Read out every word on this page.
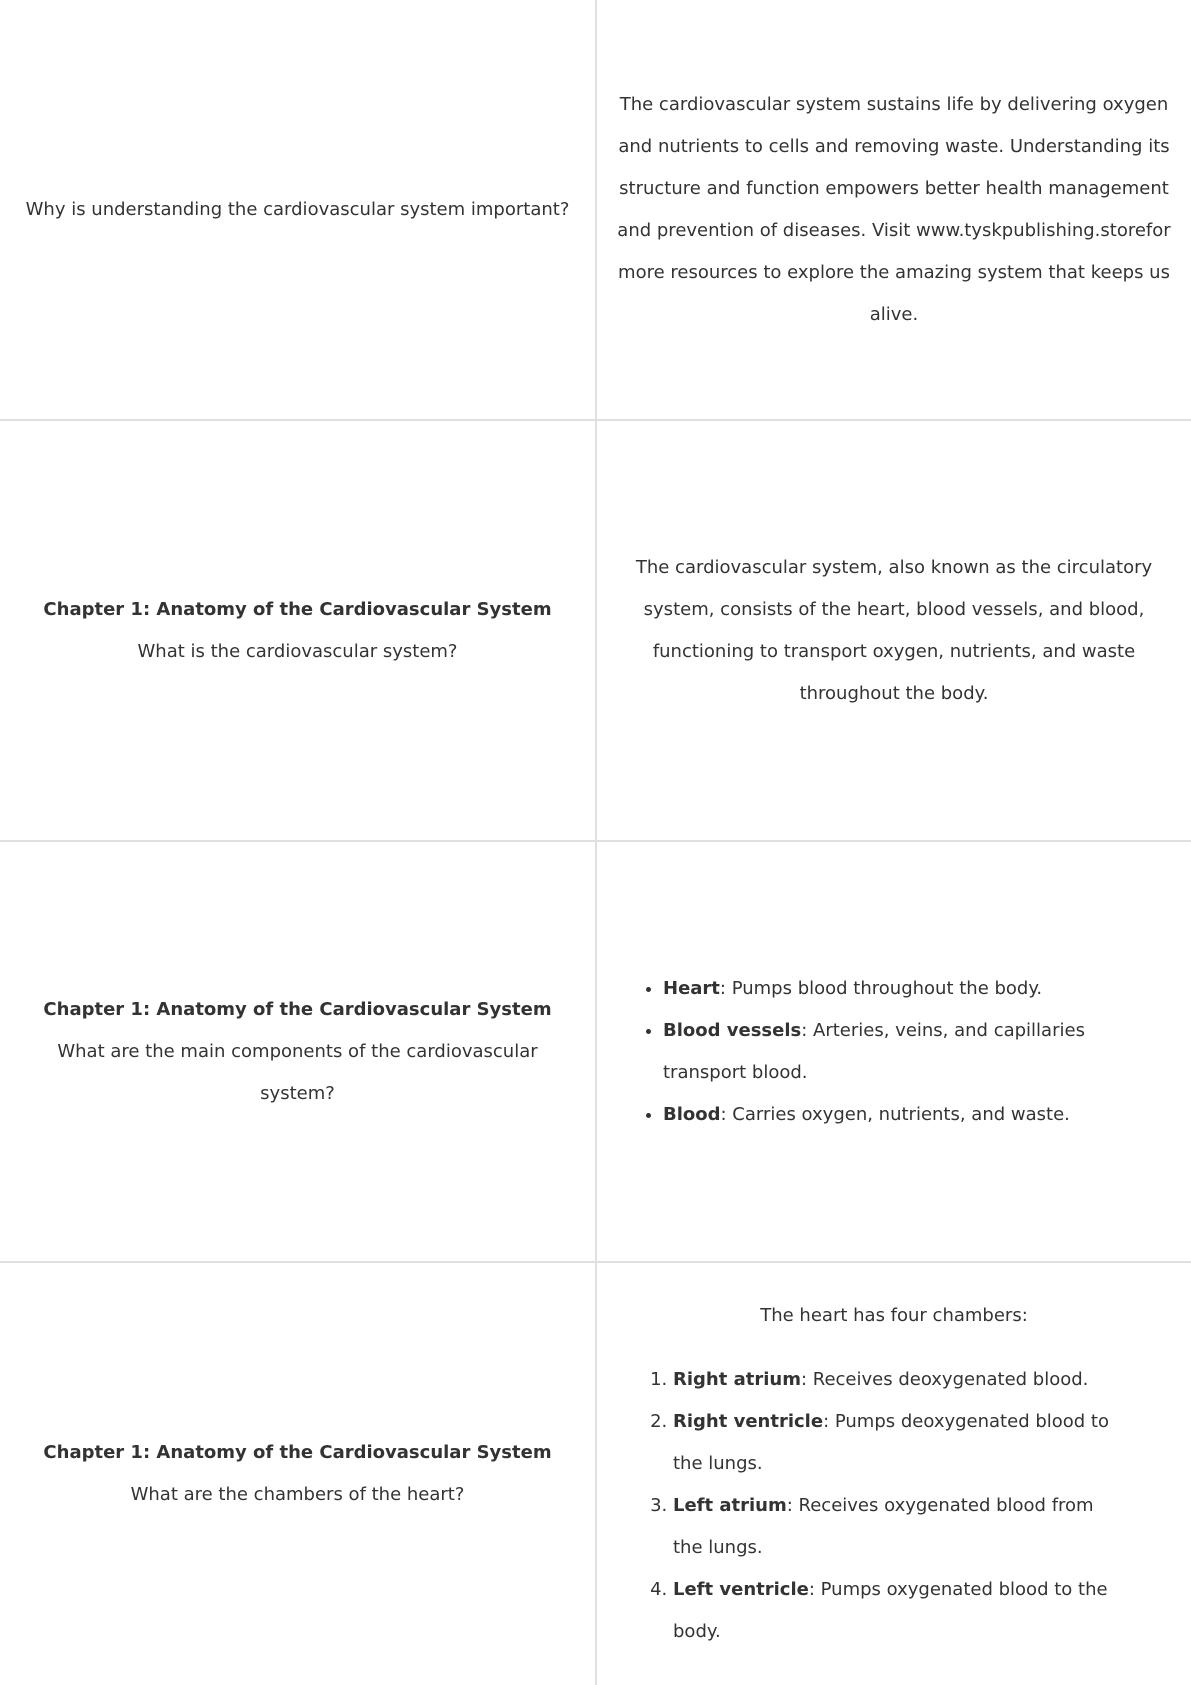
Why is understanding the cardiovascular system important?

The cardiovascular system sustains life by delivering oxygen and nutrients to cells and removing waste. Understanding its structure and function empowers better health management and prevention of diseases. Visit www.tyskpublishing.storefor more resources to explore the amazing system that keeps us alive.

Chapter 1: Anatomy of the Cardiovascular System

What is the cardiovascular system?

The cardiovascular system, also known as the circulatory system, consists of the heart, blood vessels, and blood, functioning to transport oxygen, nutrients, and waste throughout the body.

Chapter 1: Anatomy of the Cardiovascular System

What are the main components of the cardiovascular system?

• Heart: Pumps blood throughout the body.
• Blood vessels: Arteries, veins, and capillaries transport blood.
• Blood: Carries oxygen, nutrients, and waste.

Chapter 1: Anatomy of the Cardiovascular System

What are the chambers of the heart?

The heart has four chambers:

1. Right atrium: Receives deoxygenated blood.
2. Right ventricle: Pumps deoxygenated blood to the lungs.
3. Left atrium: Receives oxygenated blood from the lungs.
4. Left ventricle: Pumps oxygenated blood to the body.
